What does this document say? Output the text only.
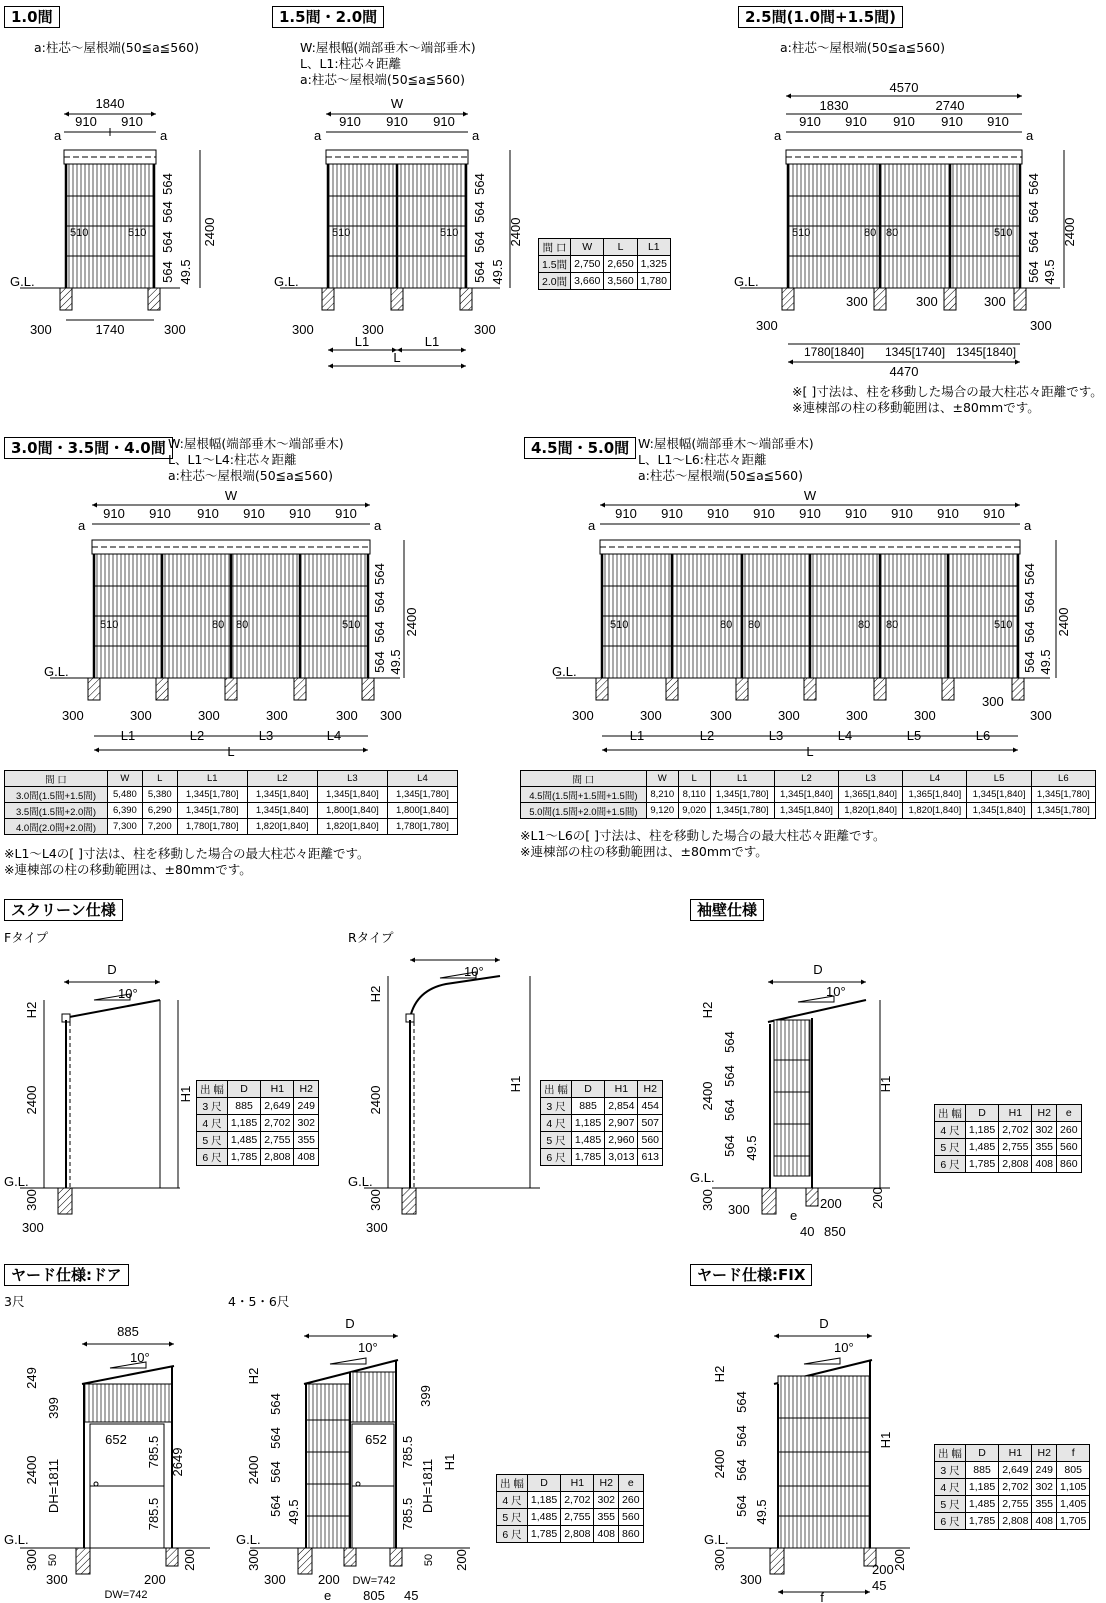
1.0間	1.5間・2.0間	2.5間(1.0間+1.5間)
3.0間・3.5間・4.0間	4.5間・5.0間
スクリーン仕様	袖壁仕様
ヤード仕様:ドア	ヤード仕様:FIX
a:柱芯～屋根端(50≦a≦560)	W:屋根幅(端部垂木～端部垂木)
L、L1:柱芯々距離
a:柱芯～屋根端(50≦a≦560)
a:柱芯～屋根端(50≦a≦560)
※[ ]寸法は、柱を移動した場合の最大柱芯々距離です。
※連棟部の柱の移動範囲は、±80mmです。
W:屋根幅(端部垂木～端部垂木)
L、L1～L4:柱芯々距離
a:柱芯～屋根端(50≦a≦560)
W:屋根幅(端部垂木～端部垂木)
L、L1～L6:柱芯々距離
a:柱芯～屋根端(50≦a≦560)
※L1～L4の[ ]寸法は、柱を移動した場合の最大柱芯々距離です。
※連棟部の柱の移動範囲は、±80mmです。
※L1～L6の[ ]寸法は、柱を移動した場合の最大柱芯々距離です。
※連棟部の柱の移動範囲は、±80mmです。
Fタイプ	Rタイプ
3尺	4・5・6尺
1840
910 910
a	a
510	510
G.L.
300	1740	300
2400
564
564
564
564 49.5
W
910 910 910
a	a
510	510
G.L.
300	300	300
L1	L1
L
2400
564
564
564
564 49.5
4570
1830	2740
910 910 910 910 910
a	a
510	80 80	510
G.L.
300
300	300	300
300
1780[1840] 1345[1740] 1345[1840]
4470
2400
564
564
564
564 49.5
W
910 910 910 910 910 910
a	a
510	80 80	510
G.L.
300	300	300	300	300 300
L1	L2	L3	L4
L
2400
564
564
564
564 49.5
W
910 910 910 910 910 910 910 910 910
a	a
510	80 80	80 80	510
G.L.
300	300	300	300	300	300
300
300
L1	L2	L3	L4	L5	L6
L
2400
564
564
564
564 49.5
D
10°
H2
2400	H1
G.L.
300
300
10°
H2
2400
H1
G.L.
300
300
D
10°
H2
2400
564
564
564
564 49.5
H1
G.L.
300 300	e
200
40 850
200
885
10°
249
399
2400 DH=1811
652 785.5
785.5
2649
G.L.
300 50
300	200
200
DW=742
D
10°
H2
2400
564
564
564
564 49.5
652
399
785.5
785.5
DH=1811 H1
G.L.
300	50 200
300 200 DW=742
e 805 45
D
10°
H2
2400
564
564
564
564 49.5
H1
G.L.
300
300
200
45
f
200
間 口	W	L	L1
1.5間	2,750	2,650	1,325
2.0間	3,660	3,560	1,780
間 口	W	L	L1	L2	L3	L4
3.0間(1.5間+1.5間)	5,480	5,380	1,345[1,780]	1,345[1,840]	1,345[1,840]	1,345[1,780]
3.5間(1.5間+2.0間)	6,390	6,290	1,345[1,780]	1,345[1,840]	1,800[1,840]	1,800[1,840]
4.0間(2.0間+2.0間)	7,300	7,200	1,780[1,780]	1,820[1,840]	1,820[1,840]	1,780[1,780]
間 口	W	L	L1	L2	L3	L4	L5	L6
4.5間(1.5間+1.5間+1.5間)	8,210	8,110	1,345[1,780]	1,345[1,840]	1,365[1,840]	1,365[1,840]	1,345[1,840]	1,345[1,780]
5.0間(1.5間+2.0間+1.5間)	9,120	9,020	1,345[1,780]	1,345[1,840]	1,820[1,840]	1,820[1,840]	1,345[1,840]	1,345[1,780]
出 幅	D	H1	H2
3 尺	885	2,649	249
4 尺	1,185	2,702	302
5 尺	1,485	2,755	355
6 尺	1,785	2,808	408
出 幅	D	H1	H2
3 尺	885	2,854	454
4 尺	1,185	2,907	507
5 尺	1,485	2,960	560
6 尺	1,785	3,013	613
出 幅	D	H1	H2	e
4 尺	1,185	2,702	302	260
5 尺	1,485	2,755	355	560
6 尺	1,785	2,808	408	860
出 幅	D	H1	H2	e
4 尺	1,185	2,702	302	260
5 尺	1,485	2,755	355	560
6 尺	1,785	2,808	408	860
出 幅	D	H1	H2	f
3 尺	885	2,649	249	805
4 尺	1,185	2,702	302	1,105
5 尺	1,485	2,755	355	1,405
6 尺	1,785	2,808	408	1,705
